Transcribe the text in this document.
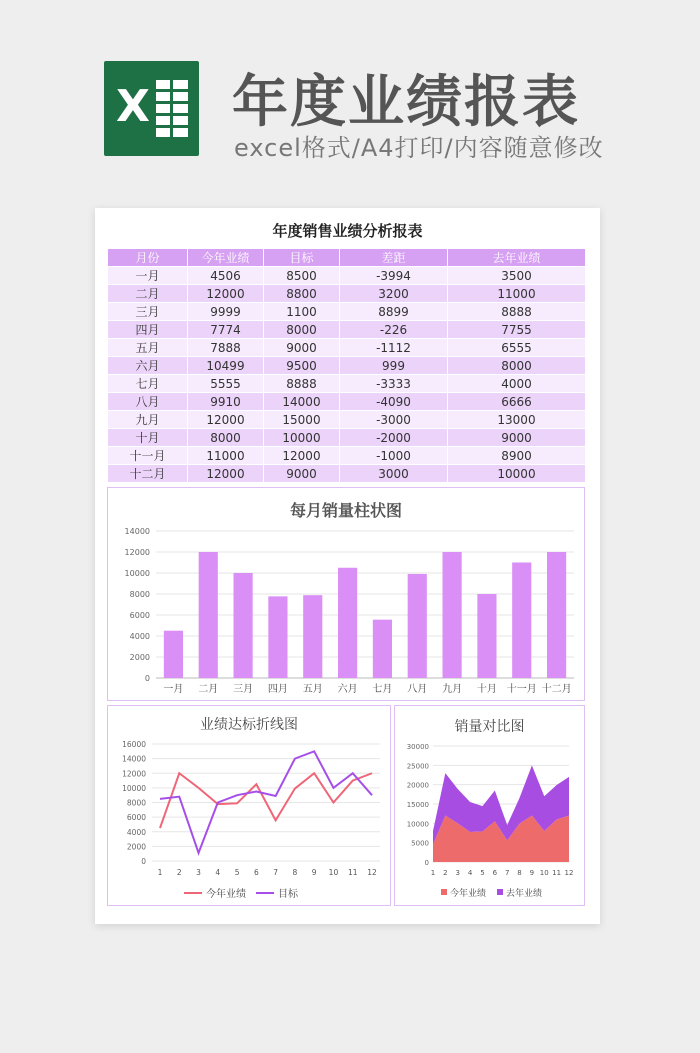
X 年度业绩报表
excel格式/A4打印/内容随意修改
年度销售业绩分析报表
月份	今年业绩	目标	差距	去年业绩
一月	4506	8500	-3994	3500
二月	12000	8800	3200	11000
三月	9999	1100	8899	8888
四月	7774	8000	-226	7755
五月	7888	9000	-1112	6555
六月	10499	9500	999	8000
七月	5555	8888	-3333	4000
八月	9910	14000	-4090	6666
九月	12000	15000	-3000	13000
十月	8000	10000	-2000	9000
十一月	11000	12000	-1000	8900
十二月	12000	9000	3000	10000
每月销量柱状图
0
2000
4000
6000
8000
10000
12000
14000
一月 二月 三月 四月 五月 六月 七月 八月 九月 十月 十一月 十二月
业绩达标折线图
0
2000
4000
6000
8000
10000
12000
14000
16000
1 2 3 4 5 6 7 8 9 10 11 12
今年业绩	目标
销量对比图
0
5000
10000
15000
20000
25000
30000
1 2 3 4 5 6 7 8 9 10 11 12
今年业绩 去年业绩
